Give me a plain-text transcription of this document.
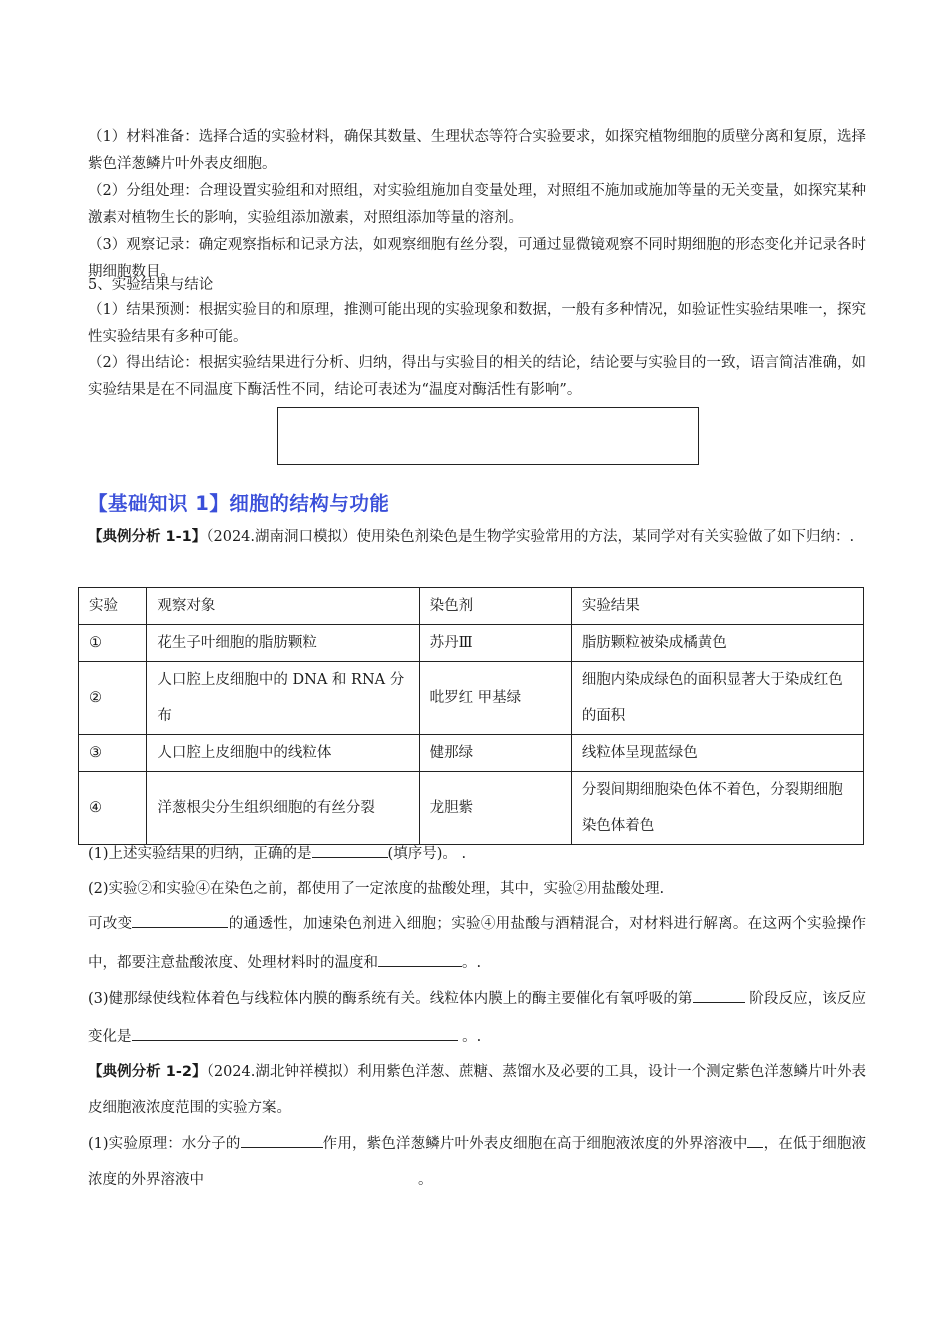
（1）材料准备：选择合适的实验材料，确保其数量、生理状态等符合实验要求，如探究植物细胞的质壁分离和复原，选择紫色洋葱鳞片叶外表皮细胞。

（2）分组处理：合理设置实验组和对照组，对实验组施加自变量处理，对照组不施加或施加等量的无关变量，如探究某种激素对植物生长的影响，实验组添加激素，对照组添加等量的溶剂。

（3）观察记录：确定观察指标和记录方法，如观察细胞有丝分裂，可通过显微镜观察不同时期细胞的形态变化并记录各时期细胞数目。

5、实验结果与结论

（1）结果预测：根据实验目的和原理，推测可能出现的实验现象和数据，一般有多种情况，如验证性实验结果唯一，探究性实验结果有多种可能。

（2）得出结论：根据实验结果进行分析、归纳，得出与实验目的相关的结论，结论要与实验目的一致，语言简洁准确，如实验结果是在不同温度下酶活性不同，结论可表述为“温度对酶活性有影响”。

【基础知识 1】细胞的结构与功能

【典例分析 1-1】（2024.湖南洞口模拟）使用染色剂染色是生物学实验常用的方法，某同学对有关实验做了如下归纳：.

实验	观察对象	染色剂	实验结果
①	花生子叶细胞的脂肪颗粒	苏丹Ⅲ	脂肪颗粒被染成橘黄色
②	人口腔上皮细胞中的 DNA 和 RNA 分布	吡罗红 甲基绿	细胞内染成绿色的面积显著大于染成红色的面积
③	人口腔上皮细胞中的线粒体	健那绿	线粒体呈现蓝绿色
④	洋葱根尖分生组织细胞的有丝分裂	龙胆紫	分裂间期细胞染色体不着色，分裂期细胞染色体着色

(1)上述实验结果的归纳，正确的是	(填序号)。 .

(2)实验②和实验④在染色之前，都使用了一定浓度的盐酸处理，其中，实验②用盐酸处理.

可改变	的通透性，加速染色剂进入细胞；实验④用盐酸与酒精混合，对材料进行解离。在这两个实验操作中，都要注意盐酸浓度、处理材料时的温度和	。.

(3)健那绿使线粒体着色与线粒体内膜的酶系统有关。线粒体内膜上的酶主要催化有氧呼吸的第	阶段反应，该反应变化是	。.

【典例分析 1-2】（2024.湖北钟祥模拟）利用紫色洋葱、蔗糖、蒸馏水及必要的工具，设计一个测定紫色洋葱鳞片叶外表皮细胞液浓度范围的实验方案。

(1)实验原理：水分子的	作用，紫色洋葱鳞片叶外表皮细胞在高于细胞液浓度的外界溶液中 ，在低于细胞液浓度的外界溶液中	。
